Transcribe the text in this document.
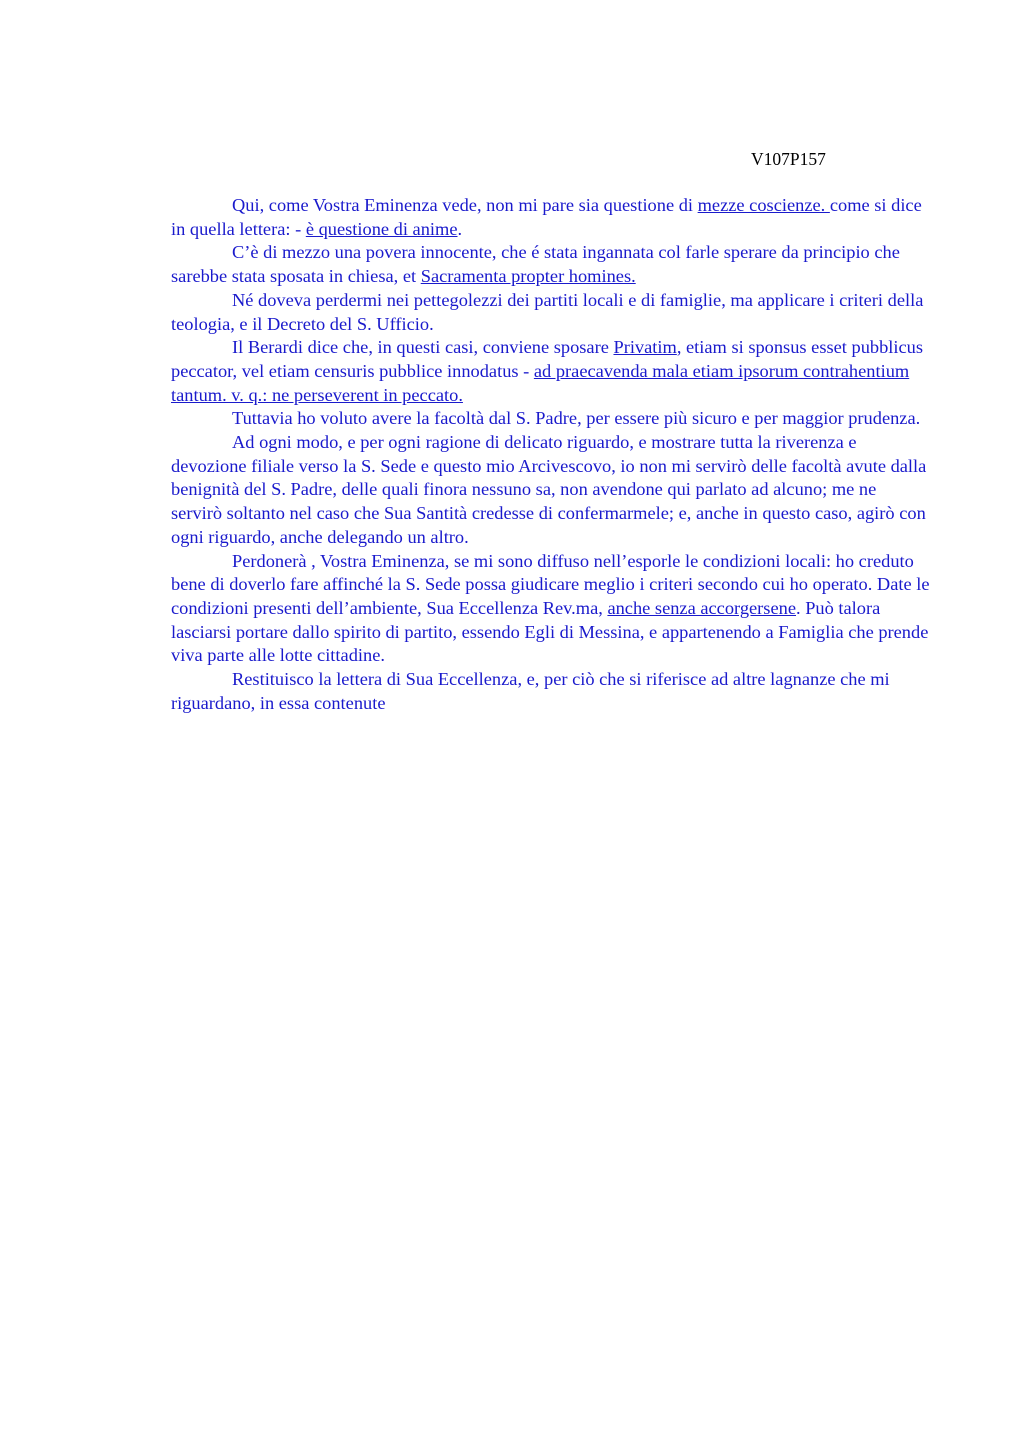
V107P157

Qui, come Vostra Eminenza vede, non mi pare sia questione di mezze coscienze. come si dice in quella lettera: - è questione di anime.

C’è di mezzo una povera innocente, che é stata ingannata col farle sperare da principio che sarebbe stata sposata in chiesa, et Sacramenta propter homines.

Né doveva perdermi nei pettegolezzi dei partiti locali e di famiglie, ma applicare i criteri della teologia, e il Decreto del S. Ufficio.

Il Berardi dice che, in questi casi, conviene sposare Privatim, etiam si sponsus esset pubblicus peccator, vel etiam censuris pubblice innodatus - ad praecavenda mala etiam ipsorum contrahentium tantum. v. q.: ne perseverent in peccato.

Tuttavia ho voluto avere la facoltà dal S. Padre, per essere più sicuro e per maggior prudenza.

Ad ogni modo, e per ogni ragione di delicato riguardo, e mostrare tutta la riverenza e devozione filiale verso la S. Sede e questo mio Arcivescovo, io non mi servirò delle facoltà avute dalla benignità del S. Padre, delle quali finora nessuno sa, non avendone qui parlato ad alcuno; me ne servirò soltanto nel caso che Sua Santità credesse di confermarmele; e, anche in questo caso, agirò con ogni riguardo, anche delegando un altro.

Perdonerà , Vostra Eminenza, se mi sono diffuso nell’esporle le condizioni locali: ho creduto bene di doverlo fare affinché la S. Sede possa giudicare meglio i criteri secondo cui ho operato. Date le condizioni presenti dell’ambiente, Sua Eccellenza Rev.ma, anche senza accorgersene. Può talora lasciarsi portare dallo spirito di partito, essendo Egli di Messina, e appartenendo a Famiglia che prende viva parte alle lotte cittadine.

Restituisco la lettera di Sua Eccellenza, e, per ciò che si riferisce ad altre lagnanze che mi riguardano, in essa contenute
